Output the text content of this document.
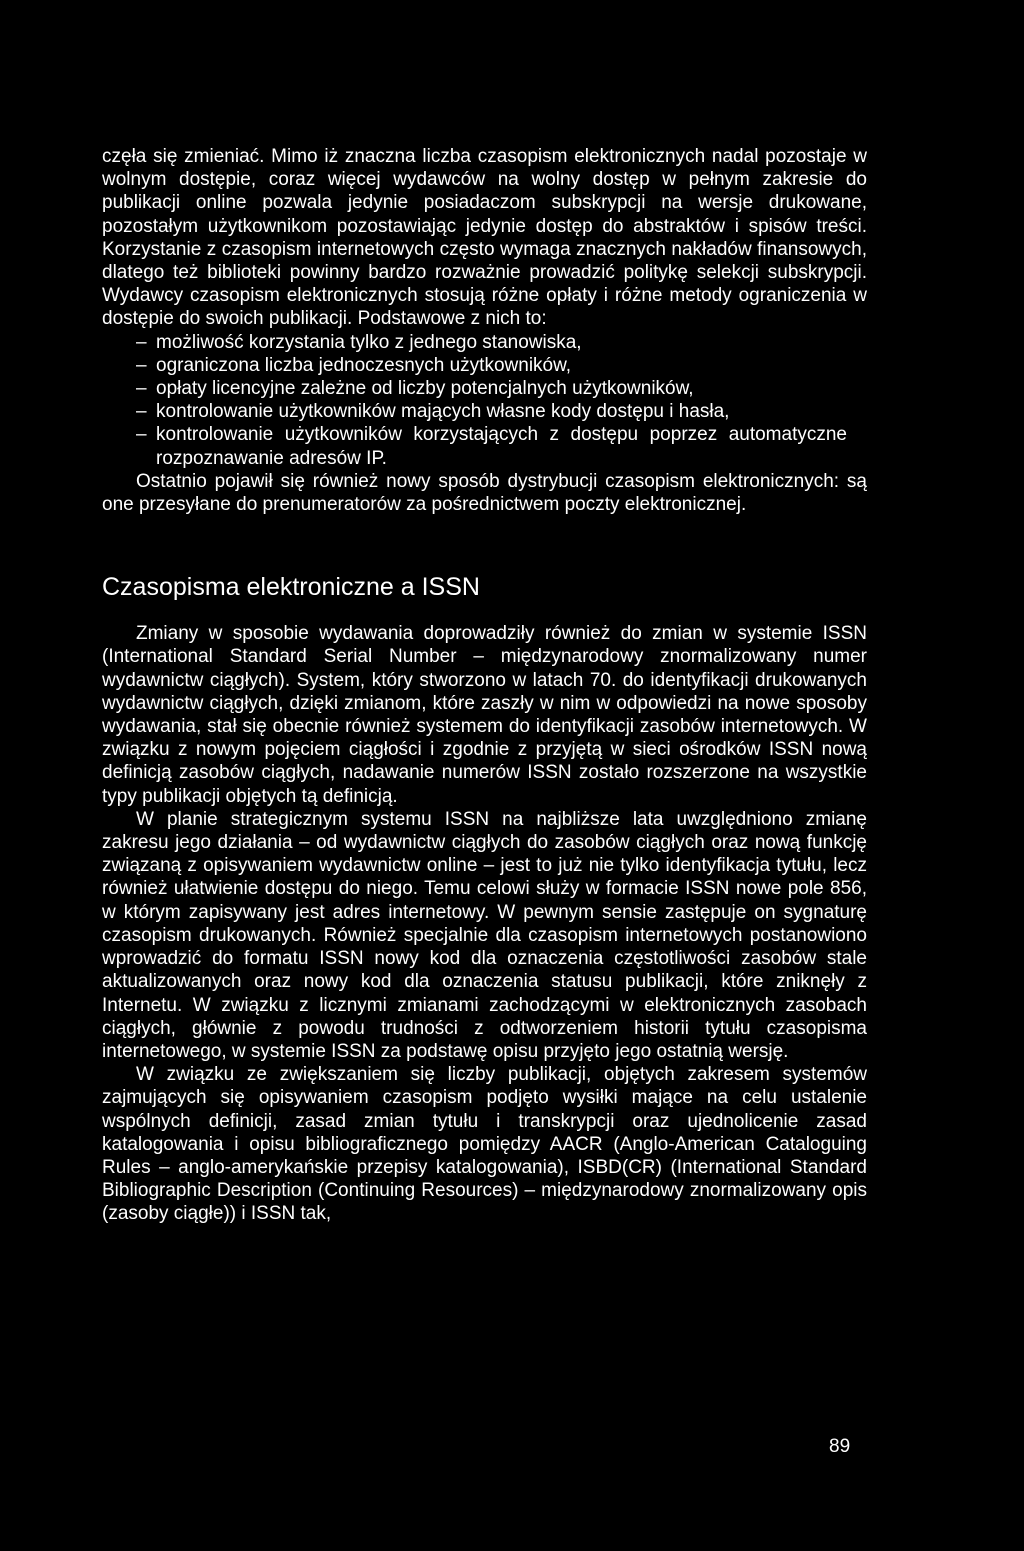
częła się zmieniać. Mimo iż znaczna liczba czasopism elektronicznych nadal pozostaje w wolnym dostępie, coraz więcej wydawców na wolny dostęp w pełnym zakresie do publikacji online pozwala jedynie posiadaczom subskrypcji na wersje drukowane, pozostałym użytkownikom pozostawiając jedynie dostęp do abstraktów i spisów treści. Korzystanie z czasopism internetowych często wymaga znacznych nakładów finansowych, dlatego też biblioteki powinny bardzo rozważnie prowadzić politykę selekcji subskrypcji. Wydawcy czasopism elektronicznych stosują różne opłaty i różne metody ograniczenia w dostępie do swoich publikacji. Podstawowe z nich to:

– możliwość korzystania tylko z jednego stanowiska,
– ograniczona liczba jednoczesnych użytkowników,
– opłaty licencyjne zależne od liczby potencjalnych użytkowników,
– kontrolowanie użytkowników mających własne kody dostępu i hasła,
– kontrolowanie użytkowników korzystających z dostępu poprzez automatyczne rozpoznawanie adresów IP.

Ostatnio pojawił się również nowy sposób dystrybucji czasopism elektronicznych: są one przesyłane do prenumeratorów za pośrednictwem poczty elektronicznej.

Czasopisma elektroniczne a ISSN

Zmiany w sposobie wydawania doprowadziły również do zmian w systemie ISSN (International Standard Serial Number – międzynarodowy znormalizowany numer wydawnictw ciągłych). System, który stworzono w latach 70. do identyfikacji drukowanych wydawnictw ciągłych, dzięki zmianom, które zaszły w nim w odpowiedzi na nowe sposoby wydawania, stał się obecnie również systemem do identyfikacji zasobów internetowych. W związku z nowym pojęciem ciągłości i zgodnie z przyjętą w sieci ośrodków ISSN nową definicją zasobów ciągłych, nadawanie numerów ISSN zostało rozszerzone na wszystkie typy publikacji objętych tą definicją.

W planie strategicznym systemu ISSN na najbliższe lata uwzględniono zmianę zakresu jego działania – od wydawnictw ciągłych do zasobów ciągłych oraz nową funkcję związaną z opisywaniem wydawnictw online – jest to już nie tylko identyfikacja tytułu, lecz również ułatwienie dostępu do niego. Temu celowi służy w formacie ISSN nowe pole 856, w którym zapisywany jest adres internetowy. W pewnym sensie zastępuje on sygnaturę czasopism drukowanych. Również specjalnie dla czasopism internetowych postanowiono wprowadzić do formatu ISSN nowy kod dla oznaczenia częstotliwości zasobów stale aktualizowanych oraz nowy kod dla oznaczenia statusu publikacji, które zniknęły z Internetu. W związku z licznymi zmianami zachodzącymi w elektronicznych zasobach ciągłych, głównie z powodu trudności z odtworzeniem historii tytułu czasopisma internetowego, w systemie ISSN za podstawę opisu przyjęto jego ostatnią wersję.

W związku ze zwiększaniem się liczby publikacji, objętych zakresem systemów zajmujących się opisywaniem czasopism podjęto wysiłki mające na celu ustalenie wspólnych definicji, zasad zmian tytułu i transkrypcji oraz ujednolicenie zasad katalogowania i opisu bibliograficznego pomiędzy AACR (Anglo-American Cataloguing Rules – anglo-amerykańskie przepisy katalogowania), ISBD(CR) (International Standard Bibliographic Description (Continuing Resources) – międzynarodowy znormalizowany opis (zasoby ciągłe)) i ISSN tak,

89
